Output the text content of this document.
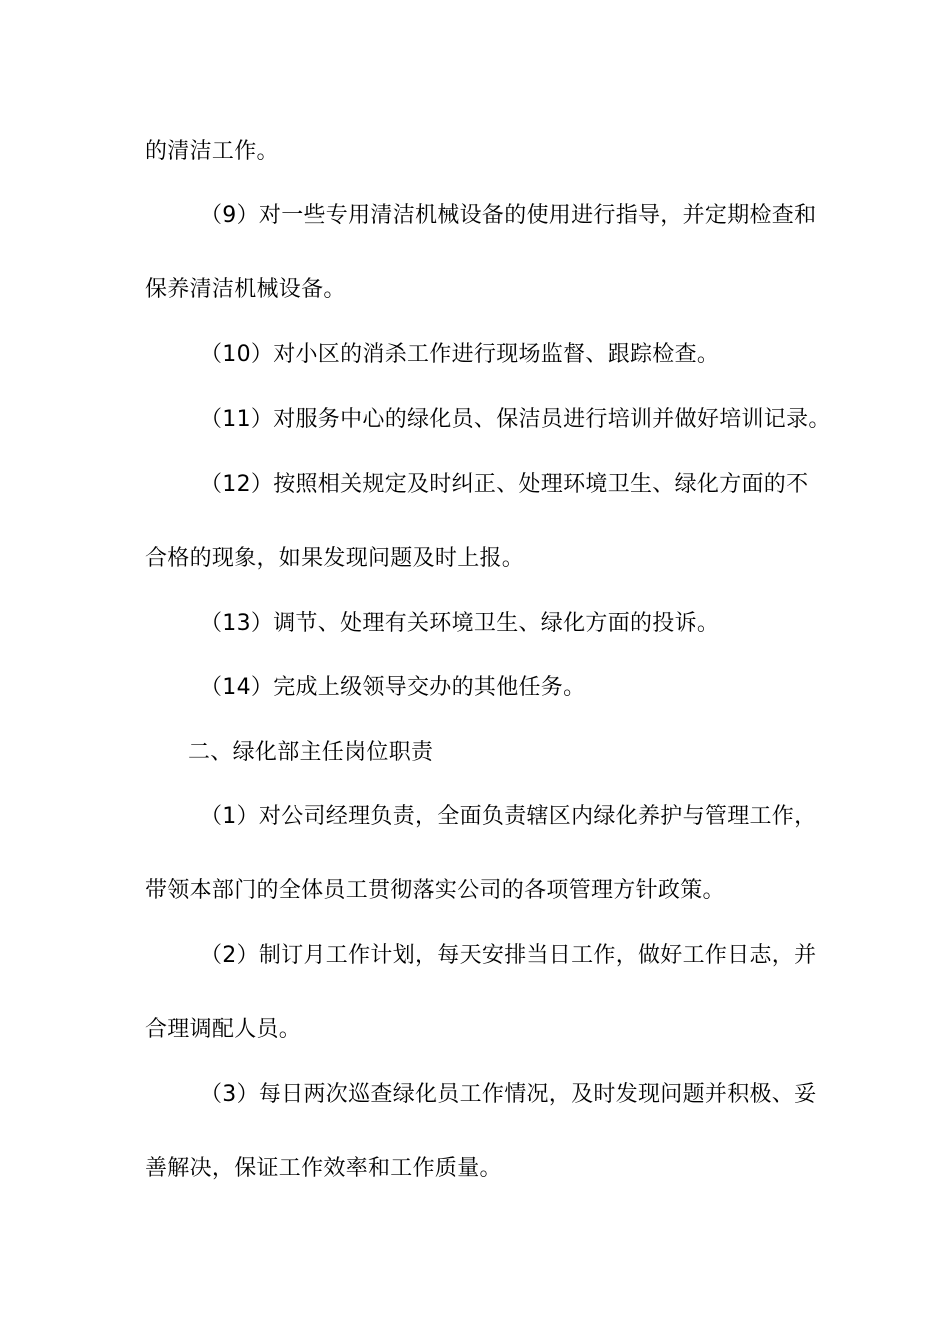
的清洁工作。
（9）对一些专用清洁机械设备的使用进行指导，并定期检查和
保养清洁机械设备。
（10）对小区的消杀工作进行现场监督、跟踪检查。
（11）对服务中心的绿化员、保洁员进行培训并做好培训记录。
（12）按照相关规定及时纠正、处理环境卫生、绿化方面的不
合格的现象，如果发现问题及时上报。
（13）调节、处理有关环境卫生、绿化方面的投诉。
（14）完成上级领导交办的其他任务。
二、绿化部主任岗位职责
（1）对公司经理负责，全面负责辖区内绿化养护与管理工作，
带领本部门的全体员工贯彻落实公司的各项管理方针政策。
（2）制订月工作计划，每天安排当日工作，做好工作日志，并
合理调配人员。
（3）每日两次巡查绿化员工作情况，及时发现问题并积极、妥
善解决，保证工作效率和工作质量。
